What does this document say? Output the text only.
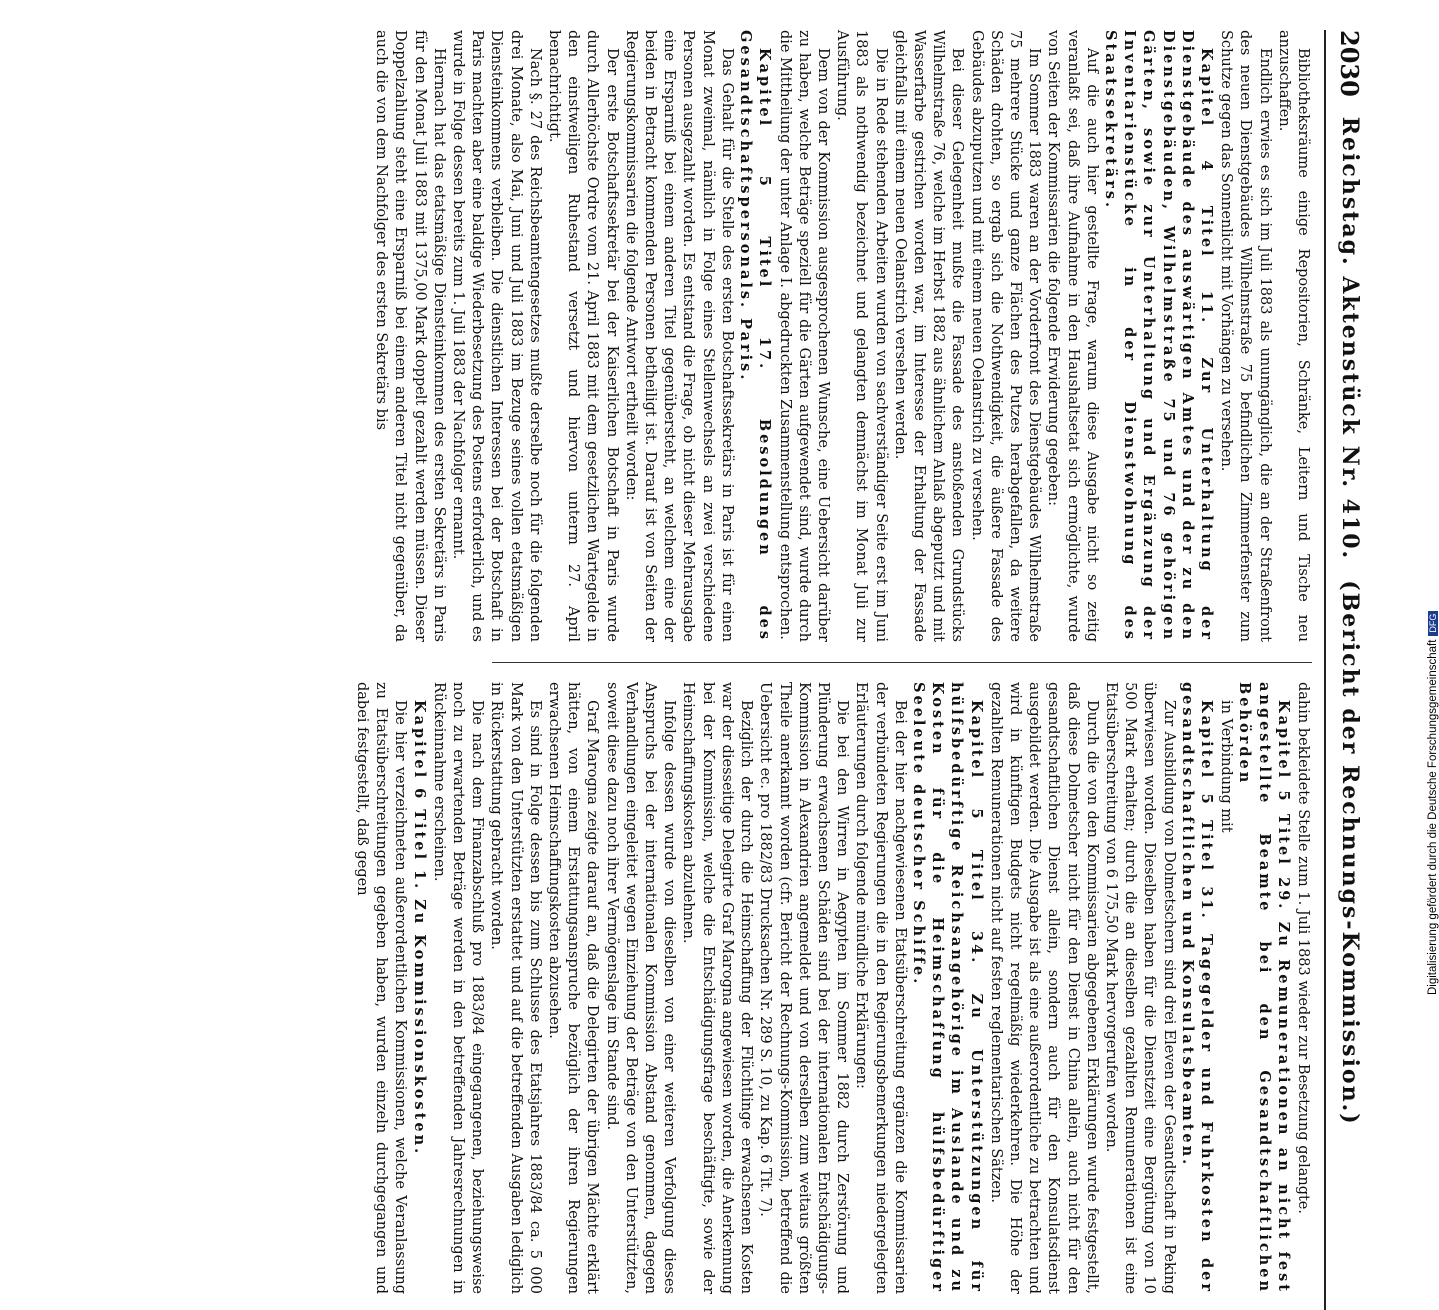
2030
Reichstag. Aktenstück Nr. 410.
(Bericht der Rechnungs-Kommission.)

Bibliotheksräume einige Repositorien, Schränke, Leitern und Tische neu anzuschaffen.

Endlich erwies es sich im Juli 1883 als unumgänglich, die an der Straßenfront des neuen Dienstgebäudes Wilhelmstraße 75 befindlichen Zimmerfenster zum Schutze gegen das Sonnenlicht mit Vorhängen zu versehen.

Kapitel 4 Titel 11. Zur Unterhaltung der Dienstgebäude des auswärtigen Amtes und der zu den Dienstgebäuden, Wilhelmstraße 75 und 76 gehörigen Gärten, sowie zur Unterhaltung und Ergänzung der Inventarienstücke in der Dienstwohnung des Staatssekretärs.

Auf die auch hier gestellte Frage, warum diese Ausgabe nicht so zeitig veranlaßt sei, daß ihre Aufnahme in den Haushaltsetat sich ermöglichte, wurde von Seiten der Kommissarien die folgende Erwiderung gegeben:

Im Sommer 1883 waren an der Vorderfront des Dienstgebäudes Wilhelmstraße 75 mehrere Stücke und ganze Flächen des Putzes herabgefallen, da weitere Schäden drohten, so ergab sich die Nothwendigkeit, die äußere Fassade des Gebäudes abzuputzen und mit einem neuen Oelanstrich zu versehen.

Bei dieser Gelegenheit mußte die Fassade des anstoßenden Grundstücks Wilhelmstraße 76, welche im Herbst 1882 aus ähnlichem Anlaß abgeputzt und mit Wasserfarbe gestrichen worden war, im Interesse der Erhaltung der Fassade gleichfalls mit einem neuen Oelanstrich versehen werden.

Die in Rede stehenden Arbeiten wurden von sachverständiger Seite erst im Juni 1883 als nothwendig bezeichnet und gelangten demnächst im Monat Juli zur Ausführung.

Dem von der Kommission ausgesprochenen Wunsche, eine Uebersicht darüber zu haben, welche Beträge speziell für die Gärten aufgewendet sind, wurde durch die Mittheilung der unter Anlage I. abgedruckten Zusammenstellung entsprochen.

Kapitel 5 Titel 17. Besoldungen des Gesandtschaftspersonals. Paris.

Das Gehalt für die Stelle des ersten Botschaftssekretärs in Paris ist für einen Monat zweimal, nämlich in Folge eines Stellenwechsels an zwei verschiedene Personen ausgezahlt worden. Es entstand die Frage, ob nicht dieser Mehrausgabe eine Ersparniß bei einem anderen Titel gegenübersteht, an welchem eine der beiden in Betracht kommenden Personen betheiligt ist. Darauf ist von Seiten der Regierungskommissarien die folgende Antwort ertheilt worden:

Der erste Botschaftssekretär bei der Kaiserlichen Botschaft in Paris wurde durch Allerhöchste Ordre vom 21. April 1883 mit dem gesetzlichen Wartegelde in den einstweiligen Ruhestand versetzt und hiervon unterm 27. April benachrichtigt.

Nach §. 27 des Reichsbeamtengesetzes mußte derselbe noch für die folgenden drei Monate, also Mai, Juni und Juli 1883 im Bezuge seines vollen etatsmäßigen Diensteinkommens verbleiben. Die dienstlichen Interessen bei der Botschaft in Paris machten aber eine baldige Wiederbesetzung des Postens erforderlich, und es wurde in Folge dessen bereits zum 1. Juli 1883 der Nachfolger ernannt.

Hiernach hat das etatsmäßige Diensteinkommen des ersten Sekretärs in Paris für den Monat Juli 1883 mit 1375,00 Mark doppelt gezahlt werden müssen. Dieser Doppelzahlung steht eine Ersparniß bei einem anderen Titel nicht gegenüber, da auch die von dem Nachfolger des ersten Sekretärs bis

dahin bekleidete Stelle zum 1. Juli 1883 wieder zur Besetzung gelangte.

Kapitel 5 Titel 29. Zu Remunerationen an nicht fest angestellte Beamte bei den Gesandtschaftlichen Behörden

in Verbindung mit

Kapitel 5 Titel 31. Tagegelder und Fuhrkosten der gesandtschaftlichen und Konsulatsbeamten.

Zur Ausbildung von Dolmetschern sind drei Eleven der Gesandtschaft in Peking überwiesen worden. Dieselben haben für die Dienstzeit eine Bergütung von 10 500 Mark erhalten; durch die an dieselben gezahlten Remunerationen ist eine Etatsüberschreitung von 6 175,50 Mark hervorgerufen worden.

Durch die von den Kommissarien abgegebenen Erklärungen wurde festgestellt, daß diese Dolmetscher nicht für den Dienst in China allein, auch nicht für den gesandtschaftlichen Dienst allein, sondern auch für den Konsulatsdienst ausgebildet werden. Die Ausgabe ist als eine außerordentliche zu betrachten und wird in künftigen Budgets nicht regelmäßig wiederkehren. Die Höhe der gezahlten Remunerationen nicht auf festen reglementarischen Sätzen.

Kapitel 5 Titel 34. Zu Unterstützungen für hülfsbedürftige Reichsangehörige im Auslande und zu Kosten für die Heimschaffung hülfsbedürftiger Seeleute deutscher Schiffe.

Bei der hier nachgewiesenen Etatsüberschreitung ergänzen die Kommissarien der verbündeten Regierungen die in den Regierungsbemerkungen niedergelegten Erläuterungen durch folgende mündliche Erklärungen:

Die bei den Wirren in Aegypten im Sommer 1882 durch Zerstörung und Plünderung erwachsenen Schäden sind bei der internationalen Entschädigungs-Kommission in Alexandrien angemeldet und von derselben zum weitaus größten Theile anerkannt worden (cfr. Bericht der Rechnungs-Kommission, betreffend die Uebersicht ec. pro 1882/83 Drucksachen Nr. 289 S. 10, zu Kap. 6 Tit. 7).

Beziglich der durch die Heimschaffung der Flüchtlinge erwachsenen Kosten war der diesseitige Delegirte Graf Marogna angewiesen worden, die Anerkennung bei der Kommission, welche die Entschädigungsfrage beschäftigte, sowie der Heimschaffungskosten abzulehnen.

Infolge dessen wurde von dieselben von einer weiteren Verfolgung dieses Anspruchs bei der internationalen Kommission Abstand genommen, dagegen Verhandlungen eingeleitet wegen Einziehung der Beträge von den Unterstützten, soweit diese dazu noch ihrer Vermögenslage im Stande sind.

Graf Marogna zeigte darauf an, daß die Delegirten der übrigen Mächte erklärt hätten, von einem Erstattungsanspruche bezüglich der ihren Regierungen erwachsenen Heimschaffungskosten abzusehen.

Es sind in Folge dessen bis zum Schlusse des Etatsjahres 1883/84 ca. 5 000 Mark von den Unterstützten erstattet und auf die betreffenden Ausgaben lediglich in Rückerstattung gebracht worden.

Die nach dem Finanzabschluß pro 1883/84 eingegangenen, beziehungsweise noch zu erwartenden Beträge werden in den betreffenden Jahresrechnungen in Rückeinnahme erscheinen.

Kapitel 6 Titel 1. Zu Kommissionskosten.

Die hier verzeichneten außerordentlichen Kommissionen, welche Veranlassung zu Etatsüberschreitungen gegeben haben, wurden einzeln durchgegangen und dabei festgestellt, daß gegen	Digitalisierung gefördert durch die Deutsche ForschungsgemeinschaftDFG
